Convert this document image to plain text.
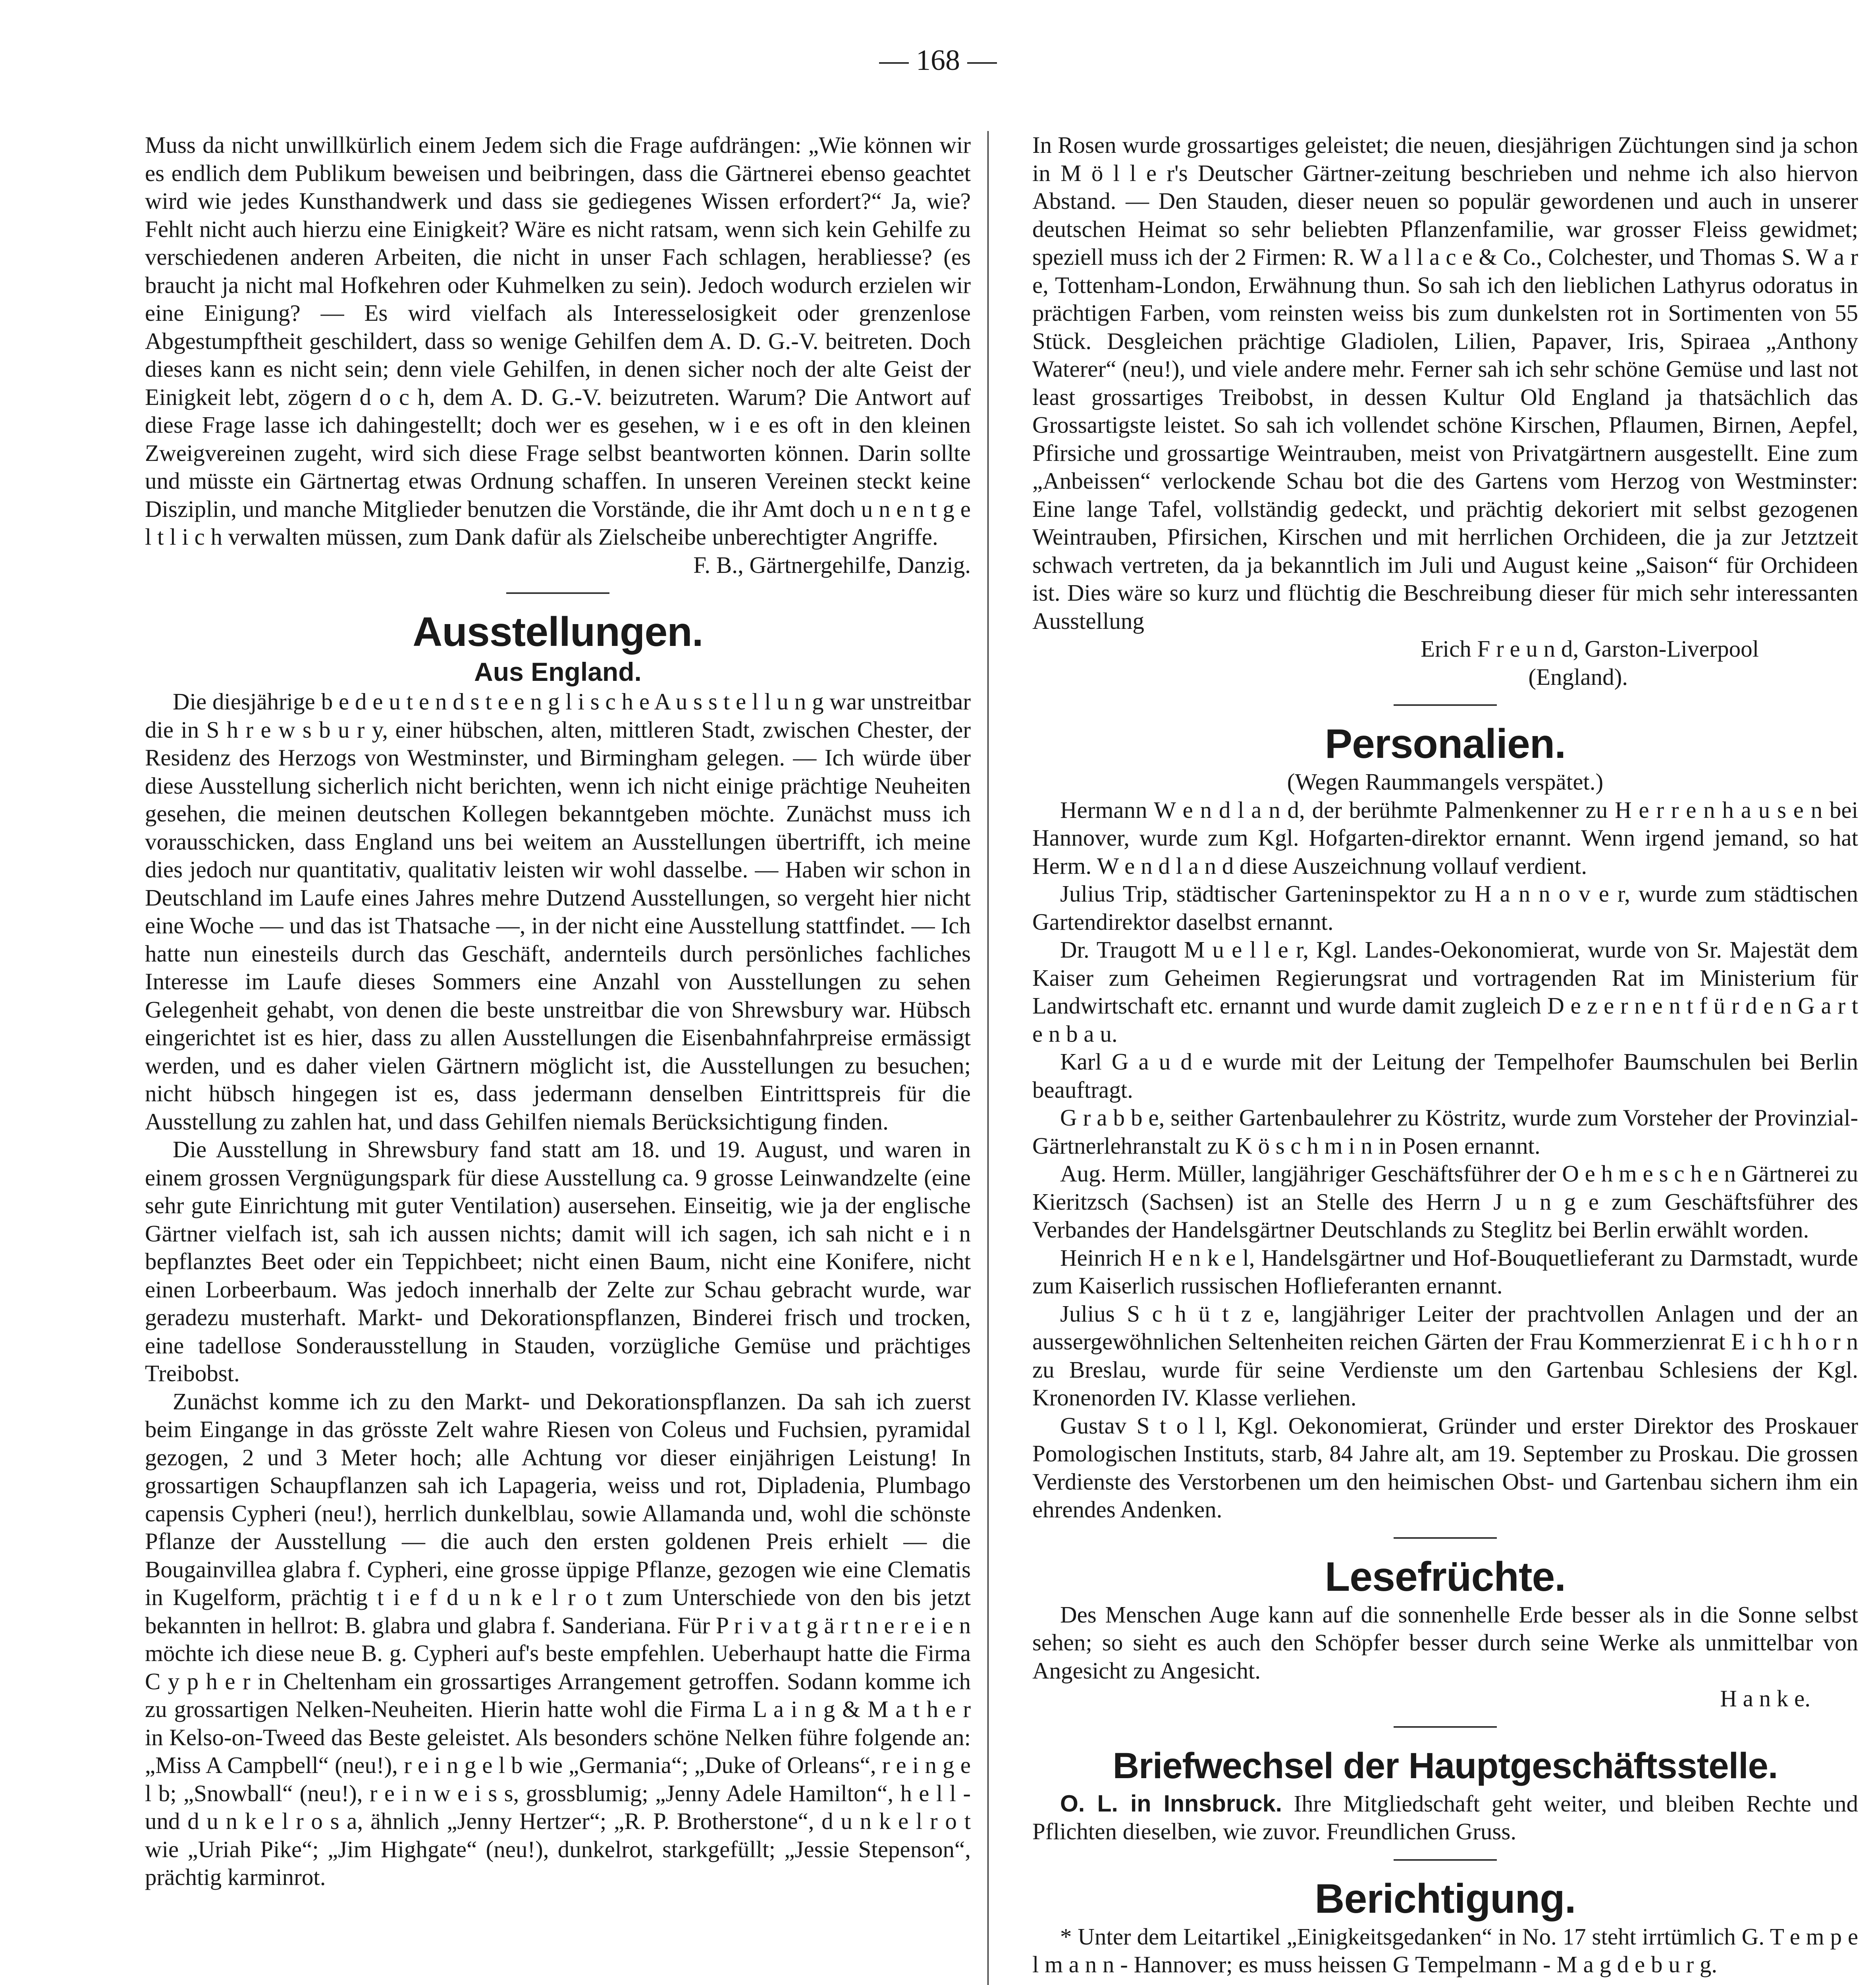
— 168 —

Muss da nicht unwillkürlich einem Jedem sich die Frage aufdrängen: „Wie können wir es endlich dem Publikum beweisen und beibringen, dass die Gärtnerei ebenso geachtet wird wie jedes Kunsthandwerk und dass sie gediegenes Wissen erfordert?“ Ja, wie? Fehlt nicht auch hierzu eine Einigkeit? Wäre es nicht ratsam, wenn sich kein Gehilfe zu verschiedenen anderen Arbeiten, die nicht in unser Fach schlagen, herabliesse? (es braucht ja nicht mal Hofkehren oder Kuhmelken zu sein). Jedoch wodurch erzielen wir eine Einigung? — Es wird vielfach als Interesselosigkeit oder grenzenlose Abgestumpftheit geschildert, dass so wenige Gehilfen dem A. D. G.-V. beitreten. Doch dieses kann es nicht sein; denn viele Gehilfen, in denen sicher noch der alte Geist der Einigkeit lebt, zögern d o c h, dem A. D. G.-V. beizutreten. Warum? Die Antwort auf diese Frage lasse ich dahingestellt; doch wer es gesehen, w i e es oft in den kleinen Zweigvereinen zugeht, wird sich diese Frage selbst beantworten können. Darin sollte und müsste ein Gärtnertag etwas Ordnung schaffen. In unseren Vereinen steckt keine Disziplin, und manche Mitglieder benutzen die Vorstände, die ihr Amt doch u n e n t g e l t l i c h verwalten müssen, zum Dank dafür als Zielscheibe unberechtigter Angriffe.

F. B., Gärtnergehilfe, Danzig.

Ausstellungen.
Aus England.

Die diesjährige b e d e u t e n d s t e e n g l i s c h e A u s s t e l l u n g war unstreitbar die in S h r e w s b u r y, einer hübschen, alten, mittleren Stadt, zwischen Chester, der Residenz des Herzogs von Westminster, und Birmingham gelegen. — Ich würde über diese Ausstellung sicherlich nicht berichten, wenn ich nicht einige prächtige Neuheiten gesehen, die meinen deutschen Kollegen bekanntgeben möchte. Zunächst muss ich vorausschicken, dass England uns bei weitem an Ausstellungen übertrifft, ich meine dies jedoch nur quantitativ, qualitativ leisten wir wohl dasselbe. — Haben wir schon in Deutschland im Laufe eines Jahres mehre Dutzend Ausstellungen, so vergeht hier nicht eine Woche — und das ist Thatsache —, in der nicht eine Ausstellung stattfindet. — Ich hatte nun einesteils durch das Geschäft, andernteils durch persönliches fachliches Interesse im Laufe dieses Sommers eine Anzahl von Ausstellungen zu sehen Gelegenheit gehabt, von denen die beste unstreitbar die von Shrewsbury war. Hübsch eingerichtet ist es hier, dass zu allen Ausstellungen die Eisenbahnfahrpreise ermässigt werden, und es daher vielen Gärtnern möglicht ist, die Ausstellungen zu besuchen; nicht hübsch hingegen ist es, dass jedermann denselben Eintrittspreis für die Ausstellung zu zahlen hat, und dass Gehilfen niemals Berücksichtigung finden.

Die Ausstellung in Shrewsbury fand statt am 18. und 19. August, und waren in einem grossen Vergnügungspark für diese Ausstellung ca. 9 grosse Leinwandzelte (eine sehr gute Einrichtung mit guter Ventilation) ausersehen. Einseitig, wie ja der englische Gärtner vielfach ist, sah ich aussen nichts; damit will ich sagen, ich sah nicht e i n bepflanztes Beet oder ein Teppichbeet; nicht einen Baum, nicht eine Konifere, nicht einen Lorbeerbaum. Was jedoch innerhalb der Zelte zur Schau gebracht wurde, war geradezu musterhaft. Markt- und Dekorationspflanzen, Binderei frisch und trocken, eine tadellose Sonderausstellung in Stauden, vorzügliche Gemüse und prächtiges Treibobst.

Zunächst komme ich zu den Markt- und Dekorationspflanzen. Da sah ich zuerst beim Eingange in das grösste Zelt wahre Riesen von Coleus und Fuchsien, pyramidal gezogen, 2 und 3 Meter hoch; alle Achtung vor dieser einjährigen Leistung! In grossartigen Schaupflanzen sah ich Lapageria, weiss und rot, Dipladenia, Plumbago capensis Cypheri (neu!), herrlich dunkelblau, sowie Allamanda und, wohl die schönste Pflanze der Ausstellung — die auch den ersten goldenen Preis erhielt — die Bougainvillea glabra f. Cypheri, eine grosse üppige Pflanze, gezogen wie eine Clematis in Kugelform, prächtig t i e f d u n k e l r o t zum Unterschiede von den bis jetzt bekannten in hellrot: B. glabra und glabra f. Sanderiana. Für P r i v a t g ä r t n e r e i e n möchte ich diese neue B. g. Cypheri auf's beste empfehlen. Ueberhaupt hatte die Firma C y p h e r in Cheltenham ein grossartiges Arrangement getroffen. Sodann komme ich zu grossartigen Nelken-Neuheiten. Hierin hatte wohl die Firma L a i n g & M a t h e r in Kelso-on-Tweed das Beste geleistet. Als besonders schöne Nelken führe folgende an: „Miss A Campbell“ (neu!), r e i n g e l b wie „Germania“; „Duke of Orleans“, r e i n g e l b; „Snowball“ (neu!), r e i n w e i s s, grossblumig; „Jenny Adele Hamilton“, h e l l - und d u n k e l r o s a, ähnlich „Jenny Hertzer“; „R. P. Brotherstone“, d u n k e l r o t wie „Uriah Pike“; „Jim Highgate“ (neu!), dunkelrot, starkgefüllt; „Jessie Stepenson“, prächtig karminrot.

In Rosen wurde grossartiges geleistet; die neuen, diesjährigen Züchtungen sind ja schon in M ö l l e r's Deutscher Gärtner-zeitung beschrieben und nehme ich also hiervon Abstand. — Den Stauden, dieser neuen so populär gewordenen und auch in unserer deutschen Heimat so sehr beliebten Pflanzenfamilie, war grosser Fleiss gewidmet; speziell muss ich der 2 Firmen: R. W a l l a c e & Co., Colchester, und Thomas S. W a r e, Tottenham-London, Erwähnung thun. So sah ich den lieblichen Lathyrus odoratus in prächtigen Farben, vom reinsten weiss bis zum dunkelsten rot in Sortimenten von 55 Stück. Desgleichen prächtige Gladiolen, Lilien, Papaver, Iris, Spiraea „Anthony Waterer“ (neu!), und viele andere mehr. Ferner sah ich sehr schöne Gemüse und last not least grossartiges Treibobst, in dessen Kultur Old England ja thatsächlich das Grossartigste leistet. So sah ich vollendet schöne Kirschen, Pflaumen, Birnen, Aepfel, Pfirsiche und grossartige Weintrauben, meist von Privatgärtnern ausgestellt. Eine zum „Anbeissen“ verlockende Schau bot die des Gartens vom Herzog von Westminster: Eine lange Tafel, vollständig gedeckt, und prächtig dekoriert mit selbst gezogenen Weintrauben, Pfirsichen, Kirschen und mit herrlichen Orchideen, die ja zur Jetztzeit schwach vertreten, da ja bekanntlich im Juli und August keine „Saison“ für Orchideen ist. Dies wäre so kurz und flüchtig die Beschreibung dieser für mich sehr interessanten Ausstellung

Erich F r e u n d, Garston-Liverpool

(England).

Personalien.

(Wegen Raummangels verspätet.)

Hermann W e n d l a n d, der berühmte Palmenkenner zu H e r r e n h a u s e n bei Hannover, wurde zum Kgl. Hofgarten-direktor ernannt. Wenn irgend jemand, so hat Herm. W e n d l a n d diese Auszeichnung vollauf verdient.

Julius Trip, städtischer Garteninspektor zu H a n n o v e r, wurde zum städtischen Gartendirektor daselbst ernannt.

Dr. Traugott M u e l l e r, Kgl. Landes-Oekonomierat, wurde von Sr. Majestät dem Kaiser zum Geheimen Regierungsrat und vortragenden Rat im Ministerium für Landwirtschaft etc. ernannt und wurde damit zugleich D e z e r n e n t f ü r d e n G a r t e n b a u.

Karl G a u d e wurde mit der Leitung der Tempelhofer Baumschulen bei Berlin beauftragt.

G r a b b e, seither Gartenbaulehrer zu Köstritz, wurde zum Vorsteher der Provinzial-Gärtnerlehranstalt zu K ö s c h m i n in Posen ernannt.

Aug. Herm. Müller, langjähriger Geschäftsführer der O e h m e s c h e n Gärtnerei zu Kieritzsch (Sachsen) ist an Stelle des Herrn J u n g e zum Geschäftsführer des Verbandes der Handelsgärtner Deutschlands zu Steglitz bei Berlin erwählt worden.

Heinrich H e n k e l, Handelsgärtner und Hof-Bouquetlieferant zu Darmstadt, wurde zum Kaiserlich russischen Hoflieferanten ernannt.

Julius S c h ü t z e, langjähriger Leiter der prachtvollen Anlagen und der an aussergewöhnlichen Seltenheiten reichen Gärten der Frau Kommerzienrat E i c h h o r n zu Breslau, wurde für seine Verdienste um den Gartenbau Schlesiens der Kgl. Kronenorden IV. Klasse verliehen.

Gustav S t o l l, Kgl. Oekonomierat, Gründer und erster Direktor des Proskauer Pomologischen Instituts, starb, 84 Jahre alt, am 19. September zu Proskau. Die grossen Verdienste des Verstorbenen um den heimischen Obst- und Gartenbau sichern ihm ein ehrendes Andenken.

Lesefrüchte.

Des Menschen Auge kann auf die sonnenhelle Erde besser als in die Sonne selbst sehen; so sieht es auch den Schöpfer besser durch seine Werke als unmittelbar von Angesicht zu Angesicht.

H a n k e.

Briefwechsel der Hauptgeschäftsstelle.

O. L. in Innsbruck. Ihre Mitgliedschaft geht weiter, und bleiben Rechte und Pflichten dieselben, wie zuvor. Freundlichen Gruss.

Berichtigung.

* Unter dem Leitartikel „Einigkeitsgedanken“ in No. 17 steht irrtümlich G. T e m p e l m a n n - Hannover; es muss heissen G Tempelmann - M a g d e b u r g.
